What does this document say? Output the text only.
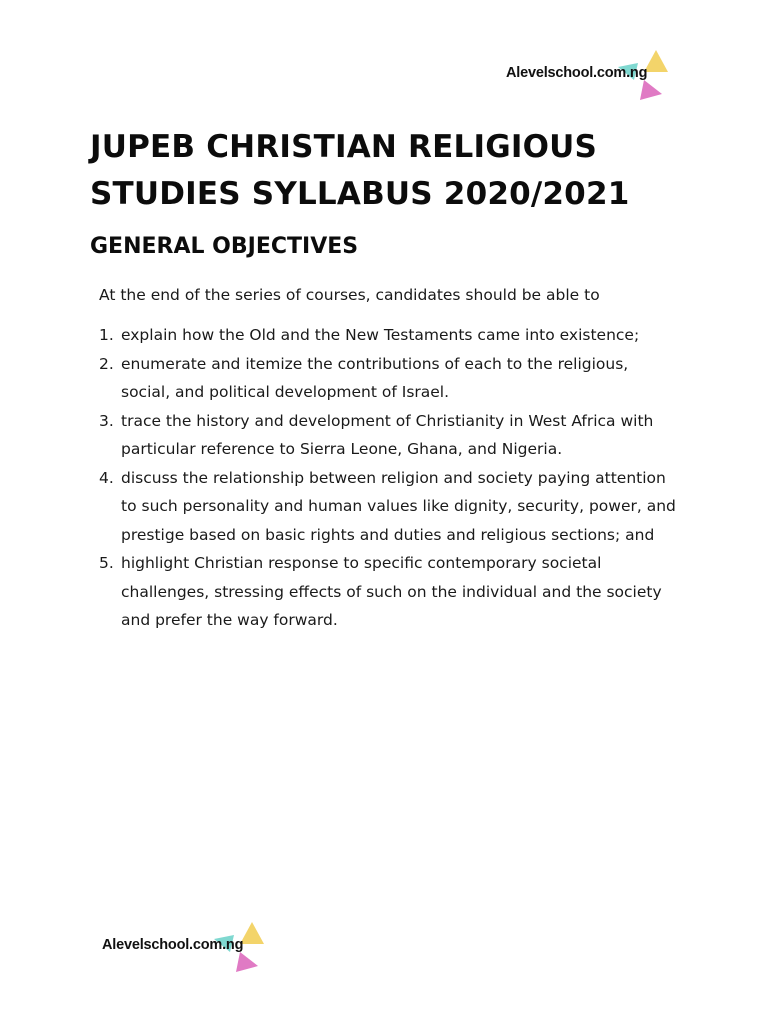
Alevelschool.com.ng
JUPEB CHRISTIAN RELIGIOUS STUDIES SYLLABUS 2020/2021
GENERAL OBJECTIVES

At the end of the series of courses, candidates should be able to

1. explain how the Old and the New Testaments came into existence;
2. enumerate and itemize the contributions of each to the religious, social, and political development of Israel.
3. trace the history and development of Christianity in West Africa with particular reference to Sierra Leone, Ghana, and Nigeria.
4. discuss the relationship between religion and society paying attention to such personality and human values like dignity, security, power, and prestige based on basic rights and duties and religious sections; and
5. highlight Christian response to specific contemporary societal challenges, stressing effects of such on the individual and the society and prefer the way forward.
Alevelschool.com.ng
